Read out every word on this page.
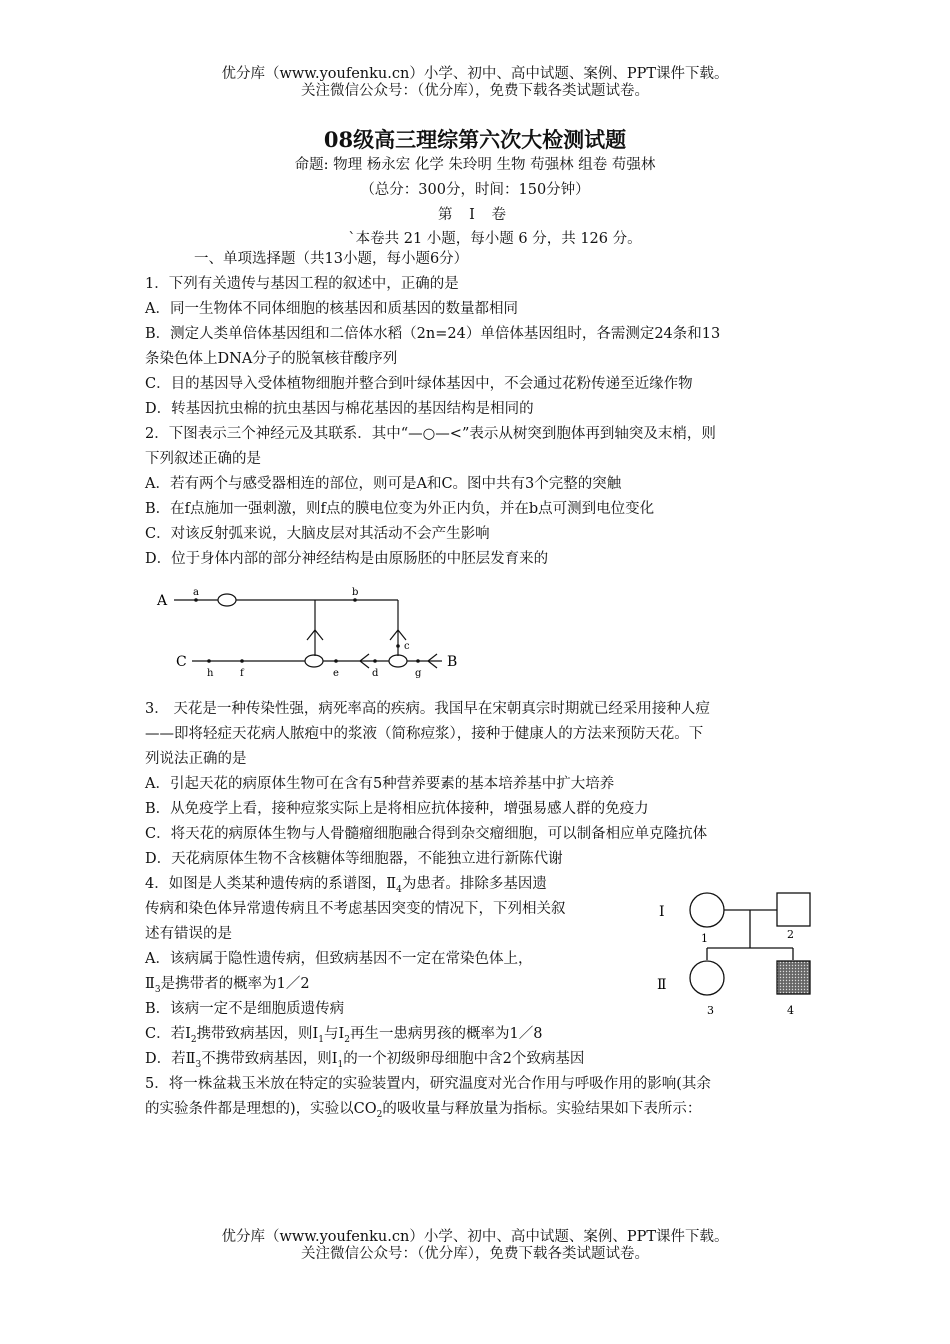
优分库（www.youfenku.cn）小学、初中、高中试题、案例、PPT课件下载。
关注微信公众号：（优分库），免费下载各类试题试卷。
08级高三理综第六次大检测试题
命题: 物理 杨永宏 化学 朱玲明 生物 苟强林 组卷 苟强林
（总分：300分，时间：150分钟）
第 I 卷
`本卷共 21 小题，每小题 6 分，共 126 分。
一、单项选择题（共13小题，每小题6分）
1．下列有关遗传与基因工程的叙述中，正确的是
A．同一生物体不同体细胞的核基因和质基因的数量都相同
B．测定人类单倍体基因组和二倍体水稻（2n=24）单倍体基因组时，各需测定24条和13
条染色体上DNA分子的脱氧核苷酸序列
C．目的基因导入受体植物细胞并整合到叶绿体基因中，不会通过花粉传递至近缘作物
D．转基因抗虫棉的抗虫基因与棉花基因的基因结构是相同的
2．下图表示三个神经元及其联系．其中“—○—<”表示从树突到胞体再到轴突及末梢，则
下列叙述正确的是
A．若有两个与感受器相连的部位，则可是A和C。图中共有3个完整的突触
B．在f点施加一强刺激，则f点的膜电位变为外正内负，并在b点可测到电位变化
C．对该反射弧来说，大脑皮层对其活动不会产生影响
D．位于身体内部的部分神经结构是由原肠胚的中胚层发育来的
A
C	B
a	b
c
d
e
f	g
h
3． 天花是一种传染性强，病死率高的疾病。我国早在宋朝真宗时期就已经采用接种人痘
——即将轻症天花病人脓疱中的浆液（简称痘浆），接种于健康人的方法来预防天花。下
列说法正确的是
A．引起天花的病原体生物可在含有5种营养要素的基本培养基中扩大培养
B．从免疫学上看，接种痘浆实际上是将相应抗体接种，增强易感人群的免疫力
C．将天花的病原体生物与人骨髓瘤细胞融合得到杂交瘤细胞，可以制备相应单克隆抗体
D．天花病原体生物不含核糖体等细胞器，不能独立进行新陈代谢
4．如图是人类某种遗传病的系谱图，$Ⅱ_4$为患者。排除多基因遗
传病和染色体异常遗传病且不考虑基因突变的情况下，下列相关叙
述有错误的是
A．该病属于隐性遗传病，但致病基因不一定在常染色体上，
$Ⅱ_3$是携带者的概率为1／2
B．该病一定不是细胞质遗传病
C．若$I_2$携带致病基因，则$I_1$与$I_2$再生一患病男孩的概率为1／8
D．若$Ⅱ_3$不携带致病基因，则$I_1$的一个初级卵母细胞中含2个致病基因
I
Ⅱ
1	2
3	4
5．将一株盆栽玉米放在特定的实验装置内，研究温度对光合作用与呼吸作用的影响(其余
的实验条件都是理想的)，实验以$CO_2$的吸收量与释放量为指标。实验结果如下表所示：
优分库（www.youfenku.cn）小学、初中、高中试题、案例、PPT课件下载。
关注微信公众号：（优分库），免费下载各类试题试卷。
